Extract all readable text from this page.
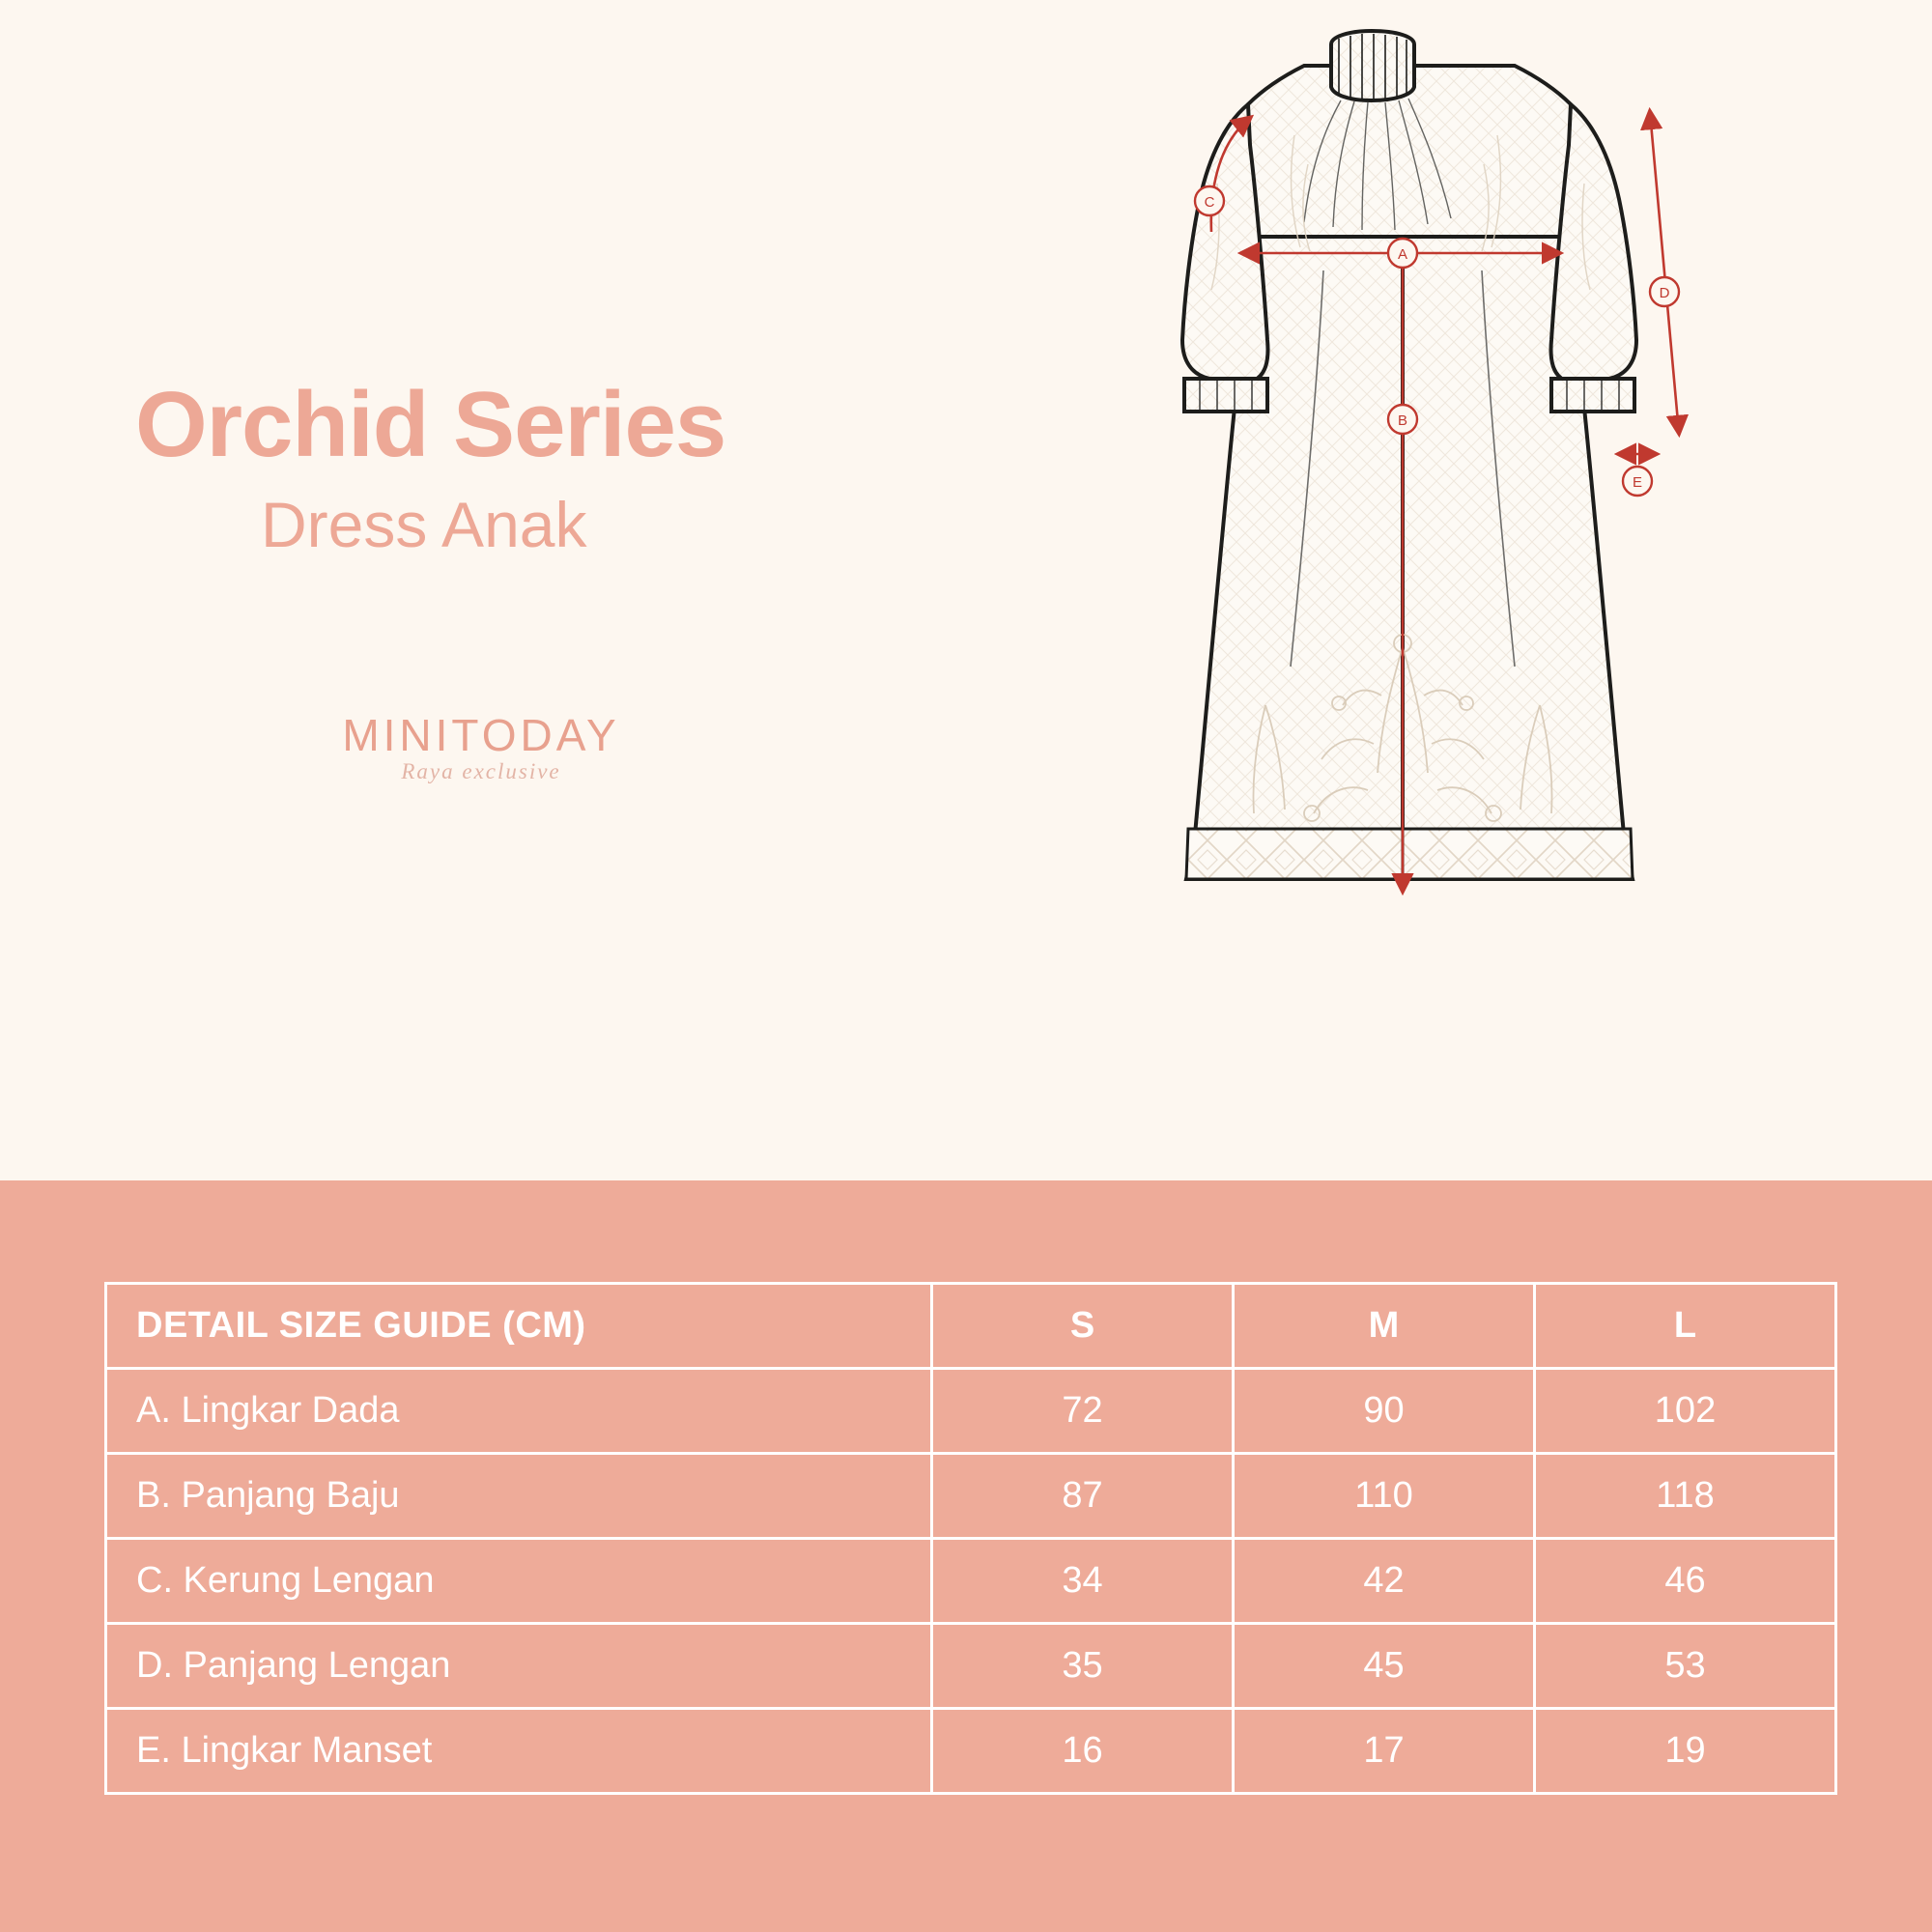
Orchid Series
Dress Anak
MINITODAY
Raya exclusive
A
B
C
D
E
DETAIL SIZE GUIDE (CM)	S	M	L
A. Lingkar Dada	72	90	102
B. Panjang Baju	87	110	118
C. Kerung Lengan	34	42	46
D. Panjang Lengan	35	45	53
E. Lingkar Manset	16	17	19
